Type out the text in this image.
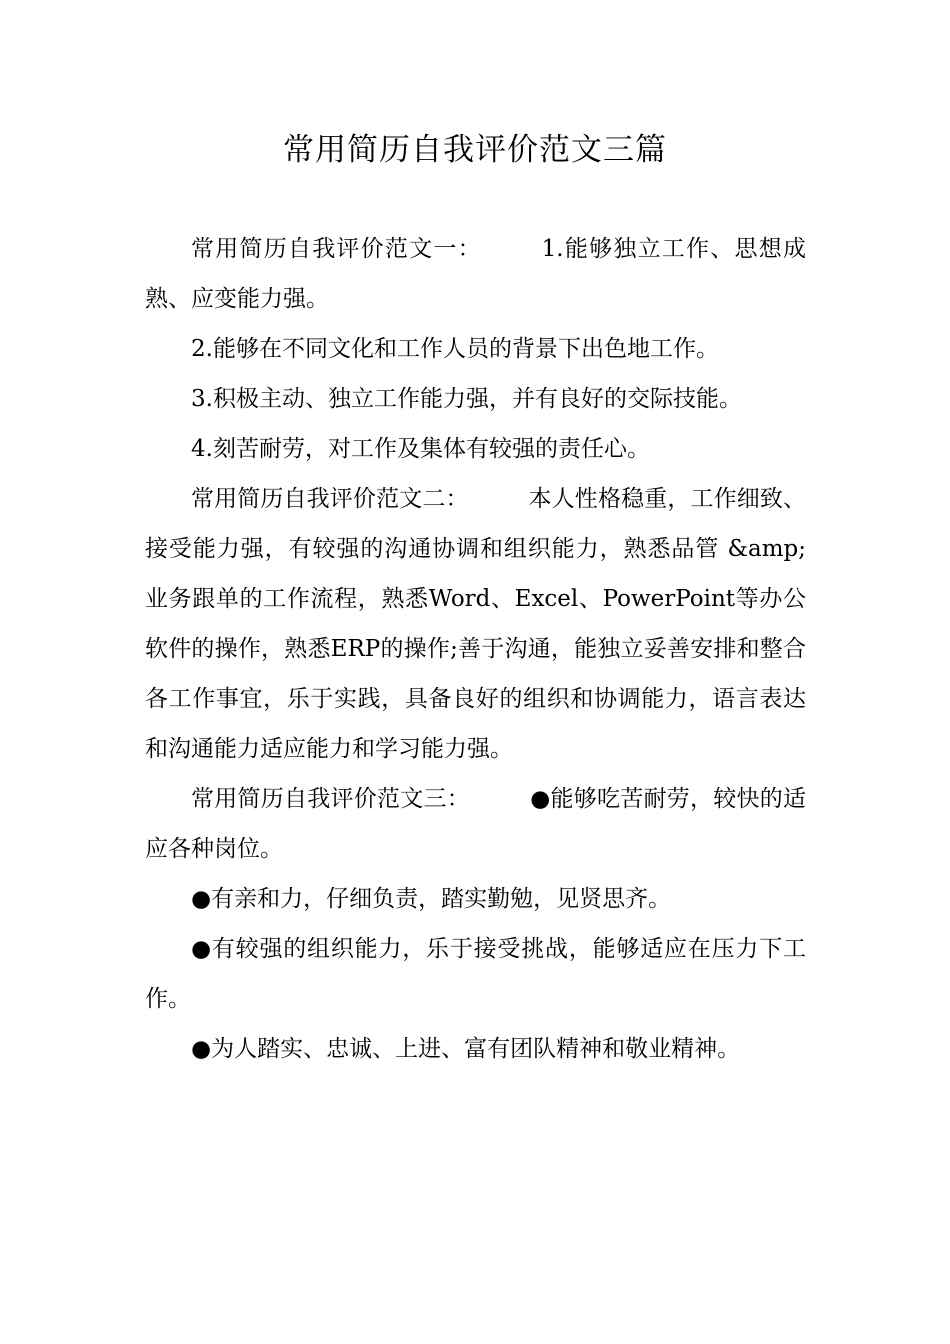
常用简历自我评价范文三篇

常用简历自我评价范文一：	1.能够独立工作、思想成熟、应变能力强。

2.能够在不同文化和工作人员的背景下出色地工作。

3.积极主动、独立工作能力强，并有良好的交际技能。

4.刻苦耐劳，对工作及集体有较强的责任心。

常用简历自我评价范文二：	本人性格稳重，工作细致、接受能力强，有较强的沟通协调和组织能力，熟悉品管 &amp; 业务跟单的工作流程，熟悉Word、Excel、PowerPoint等办公软件的操作，熟悉ERP的操作;善于沟通，能独立妥善安排和整合各工作事宜，乐于实践，具备良好的组织和协调能力，语言表达和沟通能力适应能力和学习能力强。

常用简历自我评价范文三：	●能够吃苦耐劳，较快的适应各种岗位。

●有亲和力，仔细负责，踏实勤勉，见贤思齐。

●有较强的组织能力，乐于接受挑战，能够适应在压力下工作。

●为人踏实、忠诚、上进、富有团队精神和敬业精神。
